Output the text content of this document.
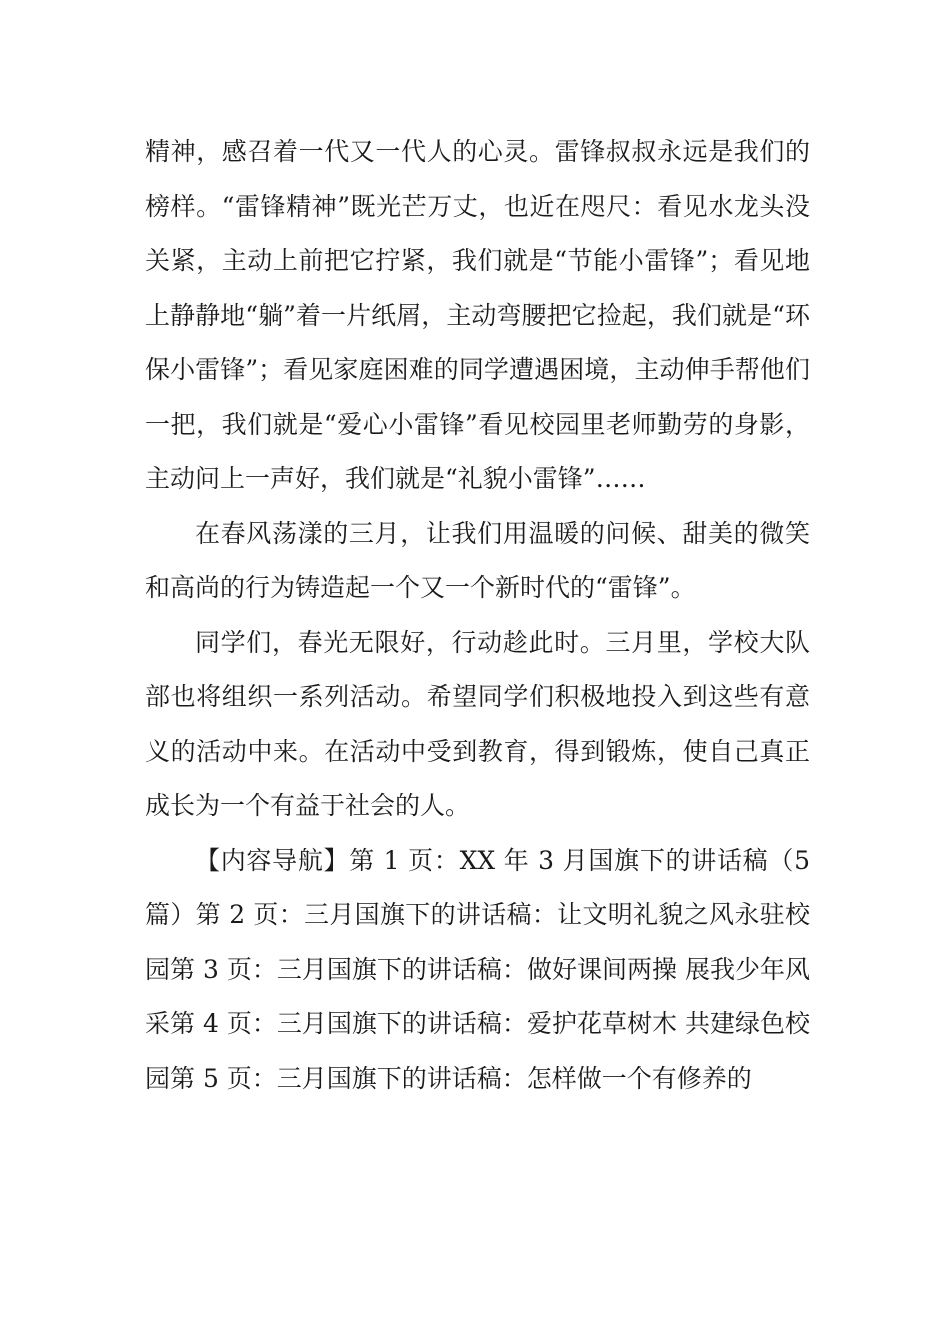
精神，感召着一代又一代人的心灵。雷锋叔叔永远是我们的榜样。“雷锋精神”既光芒万丈，也近在咫尺：看见水龙头没关紧，主动上前把它拧紧，我们就是“节能小雷锋”；看见地上静静地“躺”着一片纸屑，主动弯腰把它捡起，我们就是“环保小雷锋”；看见家庭困难的同学遭遇困境，主动伸手帮他们一把，我们就是“爱心小雷锋”看见校园里老师勤劳的身影，主动问上一声好，我们就是“礼貌小雷锋”……

在春风荡漾的三月，让我们用温暖的问候、甜美的微笑和高尚的行为铸造起一个又一个新时代的“雷锋”。

同学们，春光无限好，行动趁此时。三月里，学校大队部也将组织一系列活动。希望同学们积极地投入到这些有意义的活动中来。在活动中受到教育，得到锻炼，使自己真正成长为一个有益于社会的人。

【内容导航】第 1 页：XX 年 3 月国旗下的讲话稿（5 篇）第 2 页：三月国旗下的讲话稿：让文明礼貌之风永驻校园第 3 页：三月国旗下的讲话稿：做好课间两操 展我少年风采第 4 页：三月国旗下的讲话稿：爱护花草树木 共建绿色校园第 5 页：三月国旗下的讲话稿：怎样做一个有修养的
